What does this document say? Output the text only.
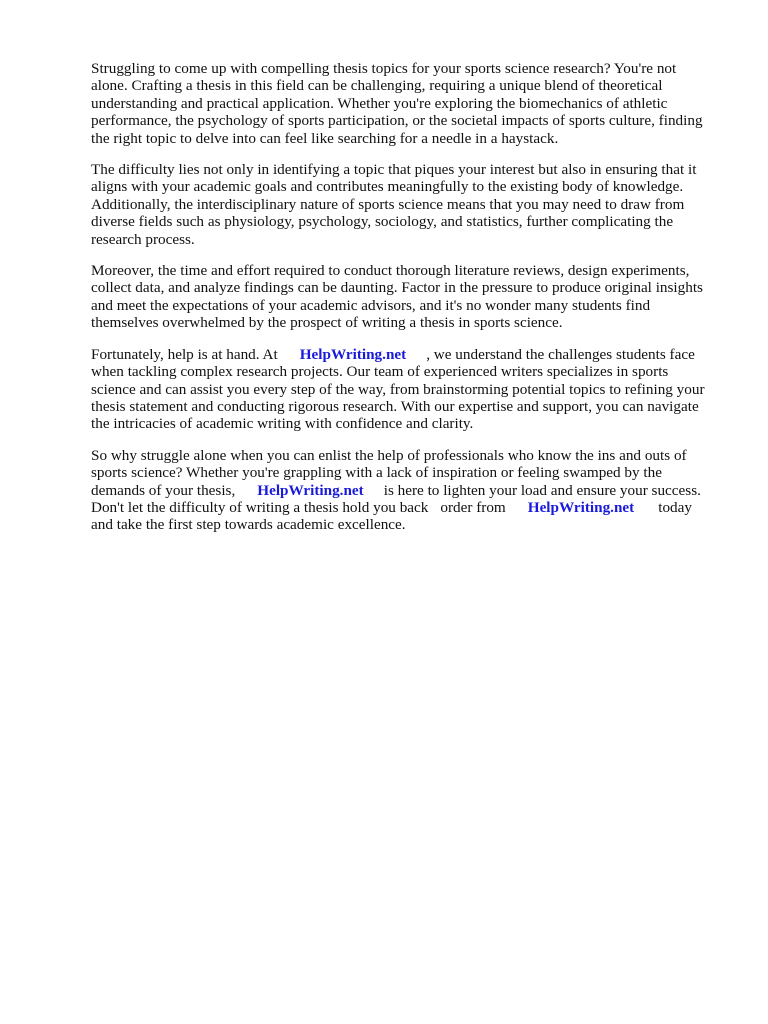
Struggling to come up with compelling thesis topics for your sports science research? You're not
alone. Crafting a thesis in this field can be challenging, requiring a unique blend of theoretical
understanding and practical application. Whether you're exploring the biomechanics of athletic
performance, the psychology of sports participation, or the societal impacts of sports culture, finding
the right topic to delve into can feel like searching for a needle in a haystack.

The difficulty lies not only in identifying a topic that piques your interest but also in ensuring that it
aligns with your academic goals and contributes meaningfully to the existing body of knowledge.
Additionally, the interdisciplinary nature of sports science means that you may need to draw from
diverse fields such as physiology, psychology, sociology, and statistics, further complicating the
research process.

Moreover, the time and effort required to conduct thorough literature reviews, design experiments,
collect data, and analyze findings can be daunting. Factor in the pressure to produce original insights
and meet the expectations of your academic advisors, and it's no wonder many students find
themselves overwhelmed by the prospect of writing a thesis in sports science.

Fortunately, help is at hand. At HelpWriting.net , we understand the challenges students face
when tackling complex research projects. Our team of experienced writers specializes in sports
science and can assist you every step of the way, from brainstorming potential topics to refining your
thesis statement and conducting rigorous research. With our expertise and support, you can navigate
the intricacies of academic writing with confidence and clarity.

So why struggle alone when you can enlist the help of professionals who know the ins and outs of
sports science? Whether you're grappling with a lack of inspiration or feeling swamped by the
demands of your thesis, HelpWriting.net is here to lighten your load and ensure your success.
Don't let the difficulty of writing a thesis hold you back order from HelpWriting.net today
and take the first step towards academic excellence.
